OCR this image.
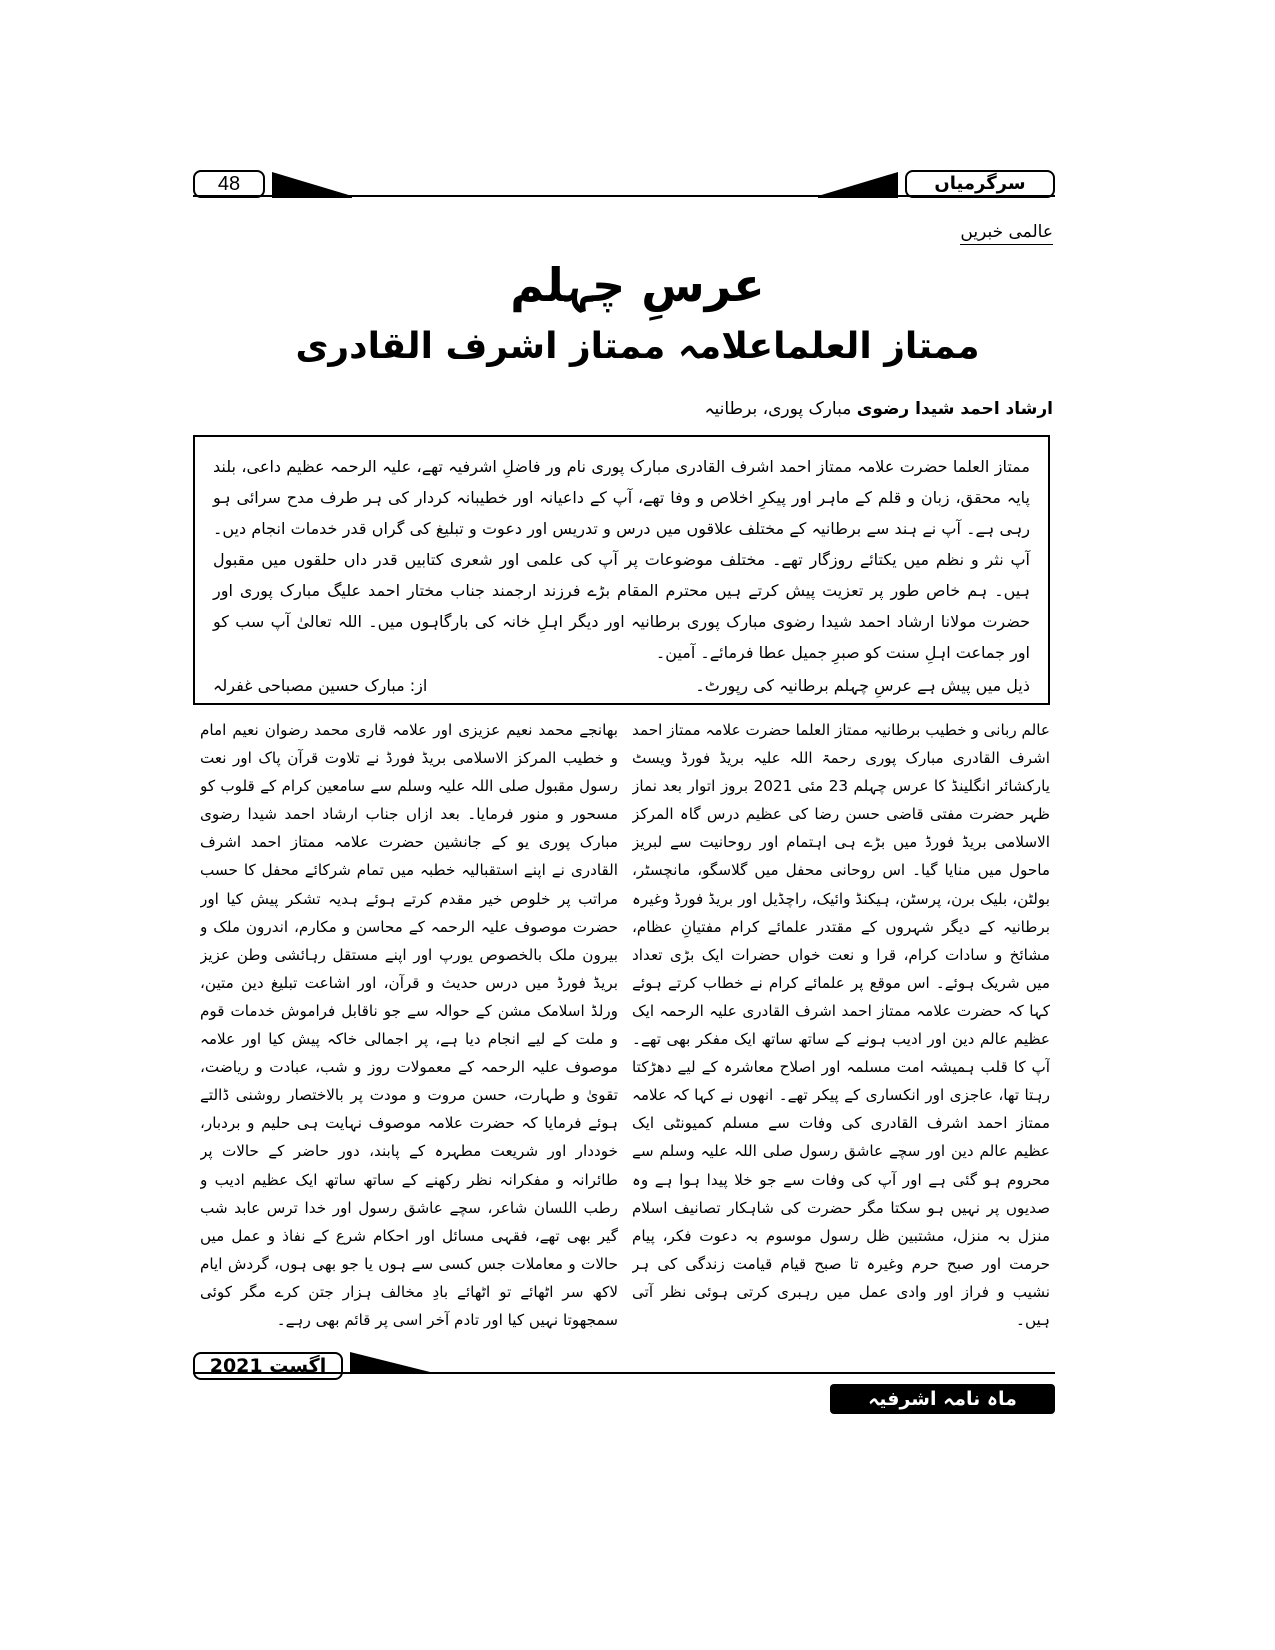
48	سرگرمیاں
عالمی خبریں
عرسِ چہلم
ممتاز العلماعلامہ ممتاز اشرف القادری
ارشاد احمد شیدا رضوی مبارک پوری، برطانیہ
ممتاز العلما حضرت علامہ ممتاز احمد اشرف القادری مبارک پوری نام ور فاضلِ اشرفیہ تھے، علیہ الرحمہ عظیم داعی، بلند پایہ محقق، زبان و قلم کے ماہر اور پیکرِ اخلاص و وفا تھے، آپ کے داعیانہ اور خطیبانہ کردار کی ہر طرف مدح سرائی ہو رہی ہے۔ آپ نے ہند سے برطانیہ کے مختلف علاقوں میں درس و تدریس اور دعوت و تبلیغ کی گراں قدر خدمات انجام دیں۔ آپ نثر و نظم میں یکتائے روزگار تھے۔ مختلف موضوعات پر آپ کی علمی اور شعری کتابیں قدر داں حلقوں میں مقبول ہیں۔ ہم خاص طور پر تعزیت پیش کرتے ہیں محترم المقام بڑے فرزند ارجمند جناب مختار احمد علیگ مبارک پوری اور حضرت مولانا ارشاد احمد شیدا رضوی مبارک پوری برطانیہ اور دیگر اہلِ خانہ کی بارگاہوں میں۔ اللہ تعالیٰ آپ سب کو اور جماعت اہلِ سنت کو صبرِ جمیل عطا فرمائے۔ آمین۔
ذیل میں پیش ہے عرسِ چہلم برطانیہ کی رپورٹ۔
از: مبارک حسین مصباحی غفرلہ

عالم ربانی و خطیب برطانیہ ممتاز العلما حضرت علامہ ممتاز احمد اشرف القادری مبارک پوری رحمۃ اللہ علیہ بریڈ فورڈ ویسٹ یارکشائر انگلینڈ کا عرس چہلم 23 مئی 2021 بروز اتوار بعد نماز ظہر حضرت مفتی قاضی حسن رضا کی عظیم درس گاہ المرکز الاسلامی بریڈ فورڈ میں بڑے ہی اہتمام اور روحانیت سے لبریز ماحول میں منایا گیا۔ اس روحانی محفل میں گلاسگو، مانچسٹر، بولٹن، بلیک برن، پرسٹن، ہیکنڈ وائیک، راچڈیل اور بریڈ فورڈ وغیرہ برطانیہ کے دیگر شہروں کے مقتدر علمائے کرام مفتیانِ عظام، مشائخ و سادات کرام، قرا و نعت خواں حضرات ایک بڑی تعداد میں شریک ہوئے۔ اس موقع پر علمائے کرام نے خطاب کرتے ہوئے کہا کہ حضرت علامہ ممتاز احمد اشرف القادری علیہ الرحمہ ایک عظیم عالم دین اور ادیب ہونے کے ساتھ ساتھ ایک مفکر بھی تھے۔ آپ کا قلب ہمیشہ امت مسلمہ اور اصلاح معاشرہ کے لیے دھڑکتا رہتا تھا، عاجزی اور انکساری کے پیکر تھے۔ انھوں نے کہا کہ علامہ ممتاز احمد اشرف القادری کی وفات سے مسلم کمیونٹی ایک عظیم عالم دین اور سچے عاشق رسول صلی اللہ علیہ وسلم سے محروم ہو گئی ہے اور آپ کی وفات سے جو خلا پیدا ہوا ہے وہ صدیوں پر نہیں ہو سکتا مگر حضرت کی شاہکار تصانیف اسلام منزل بہ منزل، مشتبین ظل رسول موسوم بہ دعوت فکر، پیام حرمت اور صبح حرم وغیرہ تا صبح قیام قیامت زندگی کی ہر نشیب و فراز اور وادی عمل میں رہبری کرتی ہوئی نظر آتی ہیں۔

بھانجے محمد نعیم عزیزی اور علامہ قاری محمد رضوان نعیم امام و خطیب المرکز الاسلامی بریڈ فورڈ نے تلاوت قرآن پاک اور نعت رسول مقبول صلی اللہ علیہ وسلم سے سامعین کرام کے قلوب کو مسحور و منور فرمایا۔ بعد ازاں جناب ارشاد احمد شیدا رضوی مبارک پوری یو کے جانشین حضرت علامہ ممتاز احمد اشرف القادری نے اپنے استقبالیہ خطبہ میں تمام شرکائے محفل کا حسب مراتب پر خلوص خیر مقدم کرتے ہوئے ہدیہ تشکر پیش کیا اور حضرت موصوف علیہ الرحمہ کے محاسن و مکارم، اندرون ملک و بیرون ملک بالخصوص یورپ اور اپنے مستقل رہائشی وطن عزیز بریڈ فورڈ میں درس حدیث و قرآن، اور اشاعت تبلیغ دین متین، ورلڈ اسلامک مشن کے حوالہ سے جو ناقابل فراموش خدمات قوم و ملت کے لیے انجام دیا ہے، پر اجمالی خاکہ پیش کیا اور علامہ موصوف علیہ الرحمہ کے معمولات روز و شب، عبادت و ریاضت، تقویٰ و طہارت، حسن مروت و مودت پر بالاختصار روشنی ڈالتے ہوئے فرمایا کہ حضرت علامہ موصوف نہایت ہی حلیم و بردبار، خوددار اور شریعت مطہرہ کے پابند، دور حاضر کے حالات پر طائرانہ و مفکرانہ نظر رکھنے کے ساتھ ساتھ ایک عظیم ادیب و رطب اللسان شاعر، سچے عاشق رسول اور خدا ترس عابد شب گیر بھی تھے، فقہی مسائل اور احکام شرع کے نفاذ و عمل میں حالات و معاملات جس کسی سے ہوں یا جو بھی ہوں، گردش ایام لاکھ سر اٹھائے تو اٹھائے بادِ مخالف ہزار جتن کرے مگر کوئی سمجھوتا نہیں کیا اور تادم آخر اسی پر قائم بھی رہے۔

اگست 2021
ماہ نامہ اشرفیہ
